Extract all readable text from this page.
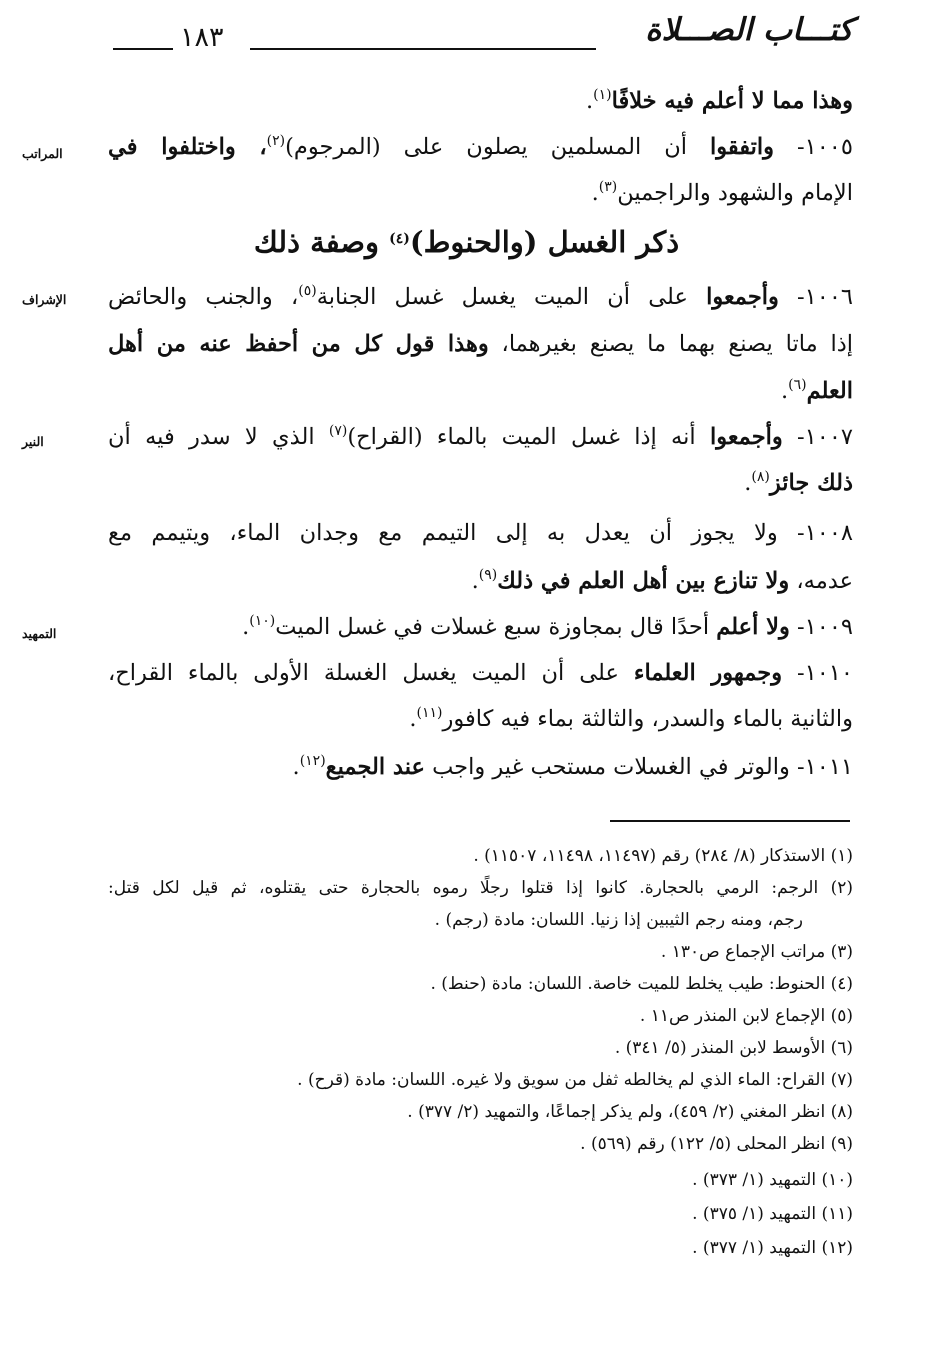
كتـــاب الصـــلاة
١٨٣
وهذا مما لا أعلم فيه خلافًا$^{(١)}$.
١٠٠٥- واتفقوا أن المسلمين يصلون على (المرجوم)$^{(٢)}$، واختلفوا في
الإمام والشهود والراجمين$^{(٣)}$.
ذكر الغسل (والحنوط)$^{(٤)}$ وصفة ذلك
١٠٠٦- وأجمعوا على أن الميت يغسل غسل الجنابة$^{(٥)}$، والجنب والحائض
إذا ماتا يصنع بهما ما يصنع بغيرهما، وهذا قول كل من أحفظ عنه من أهل
العلم$^{(٦)}$.
١٠٠٧- وأجمعوا أنه إذا غسل الميت بالماء (القراح)$^{(٧)}$ الذي لا سدر فيه أن
ذلك جائز$^{(٨)}$.
١٠٠٨- ولا يجوز أن يعدل به إلى التيمم مع وجدان الماء، ويتيمم مع
عدمه، ولا تنازع بين أهل العلم في ذلك$^{(٩)}$.
١٠٠٩- ولا أعلم أحدًا قال بمجاوزة سبع غسلات في غسل الميت$^{(١٠)}$.
١٠١٠- وجمهور العلماء على أن الميت يغسل الغسلة الأولى بالماء القراح،
والثانية بالماء والسدر، والثالثة بماء فيه كافور$^{(١١)}$.
١٠١١- والوتر في الغسلات مستحب غير واجب عند الجميع$^{(١٢)}$.
المراتب
الإشراف
النير
التمهيد
(١) الاستذكار (٨/ ٢٨٤) رقم (١١٤٩٧، ١١٤٩٨، ١١٥٠٧) .
(٢) الرجم: الرمي بالحجارة. كانوا إذا قتلوا رجلًا رموه بالحجارة حتى يقتلوه، ثم قيل لكل قتل:
رجم، ومنه رجم الثيبين إذا زنيا. اللسان: مادة (رجم) .
(٣) مراتب الإجماع ص١٣٠ .
(٤) الحنوط: طيب يخلط للميت خاصة. اللسان: مادة (حنط) .
(٥) الإجماع لابن المنذر ص١١ .
(٦) الأوسط لابن المنذر (٥/ ٣٤١) .
(٧) القراح: الماء الذي لم يخالطه ثفل من سويق ولا غيره. اللسان: مادة (قرح) .
(٨) انظر المغني (٢/ ٤٥٩)، ولم يذكر إجماعًا، والتمهيد (٢/ ٣٧٧) .
(٩) انظر المحلى (٥/ ١٢٢) رقم (٥٦٩) .
(١٠) التمهيد (١/ ٣٧٣) .
(١١) التمهيد (١/ ٣٧٥) .
(١٢) التمهيد (١/ ٣٧٧) .
